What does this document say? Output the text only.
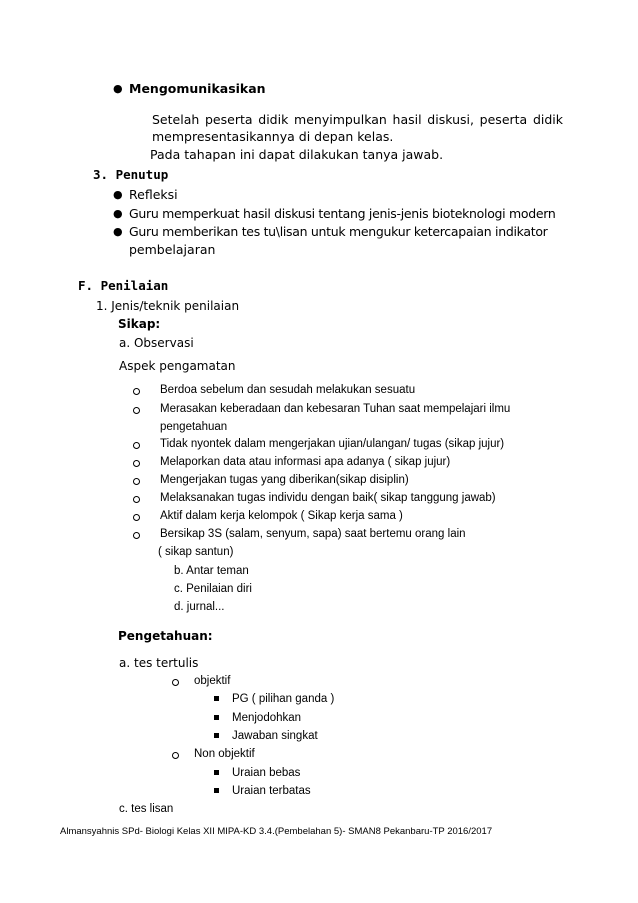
● Mengomunikasikan
Setelah peserta didik menyimpulkan hasil diskusi, peserta didik
mempresentasikannya di depan kelas.
Pada tahapan ini dapat dilakukan tanya jawab.
3. Penutup
● Refleksi
● Guru memperkuat hasil diskusi tentang jenis-jenis bioteknologi modern
● Guru memberikan tes tu\lisan untuk mengukur ketercapaian indikator
pembelajaran
F. Penilaian
1. Jenis/teknik penilaian
Sikap:
a. Observasi
Aspek pengamatan
Berdoa sebelum dan sesudah melakukan sesuatu
Merasakan keberadaan dan kebesaran Tuhan saat mempelajari ilmu
pengetahuan
Tidak nyontek dalam mengerjakan ujian/ulangan/ tugas (sikap jujur)
Melaporkan data atau informasi apa adanya ( sikap jujur)
Mengerjakan tugas yang diberikan(sikap disiplin)
Melaksanakan tugas individu dengan baik( sikap tanggung jawab)
Aktif dalam kerja kelompok ( Sikap kerja sama )
Bersikap 3S (salam, senyum, sapa) saat bertemu orang lain
( sikap santun)
b. Antar teman
c. Penilaian diri
d. jurnal...
Pengetahuan:
a. tes tertulis
objektif
PG ( pilihan ganda )
Menjodohkan
Jawaban singkat
Non objektif
Uraian bebas
Uraian terbatas
c. tes lisan
Almansyahnis SPd- Biologi Kelas XII MIPA-KD 3.4.(Pembelahan 5)- SMAN8 Pekanbaru-TP 2016/2017
